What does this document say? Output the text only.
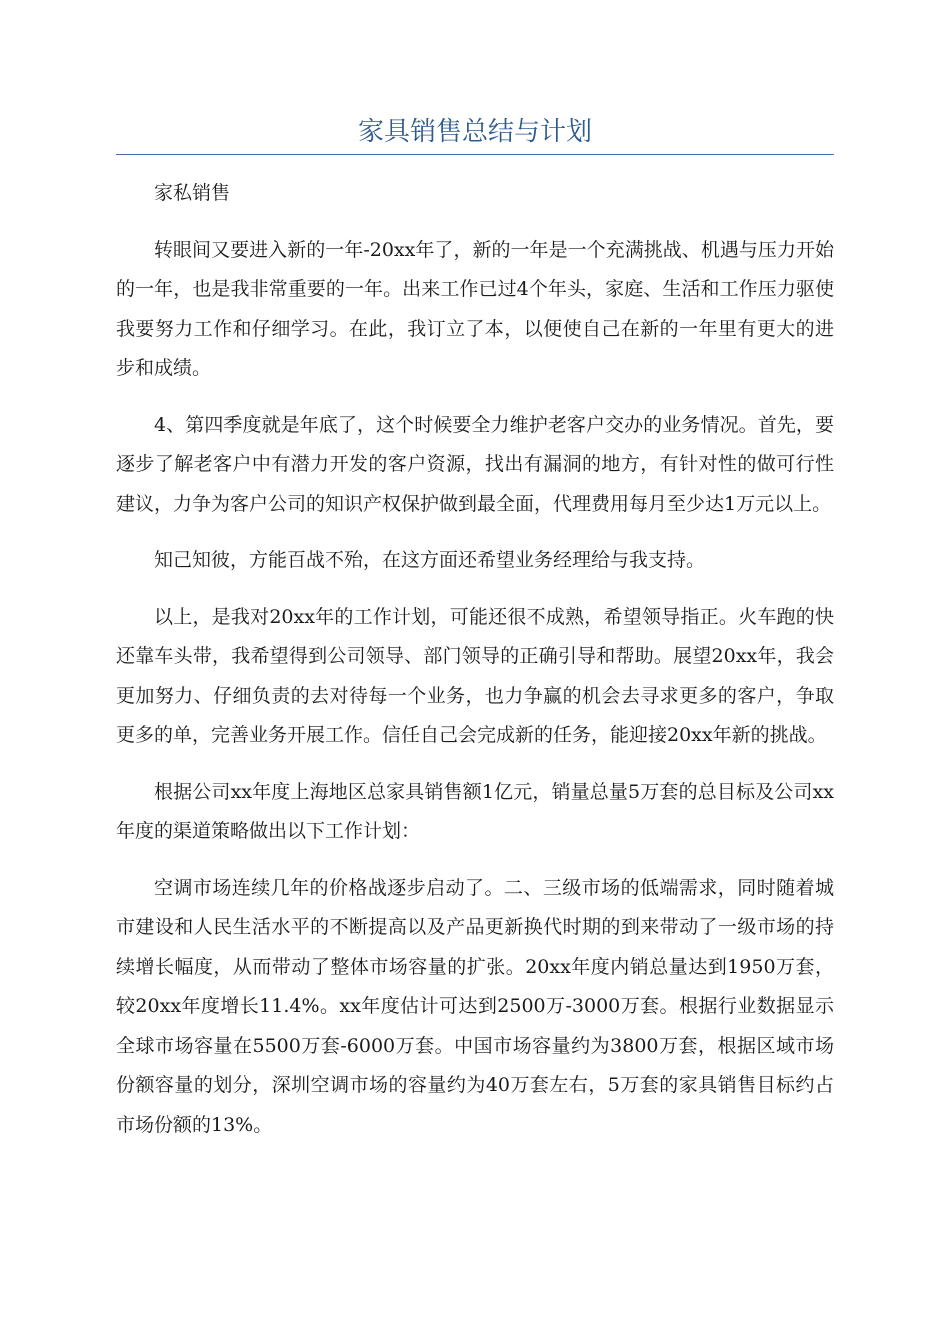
家具销售总结与计划

家私销售

转眼间又要进入新的一年-20xx年了，新的一年是一个充满挑战、机遇与压力开始的一年，也是我非常重要的一年。出来工作已过4个年头，家庭、生活和工作压力驱使我要努力工作和仔细学习。在此，我订立了本，以便使自己在新的一年里有更大的进步和成绩。

4、第四季度就是年底了，这个时候要全力维护老客户交办的业务情况。首先，要逐步了解老客户中有潜力开发的客户资源，找出有漏洞的地方，有针对性的做可行性建议，力争为客户公司的知识产权保护做到最全面，代理费用每月至少达1万元以上。

知己知彼，方能百战不殆，在这方面还希望业务经理给与我支持。

以上，是我对20xx年的工作计划，可能还很不成熟，希望领导指正。火车跑的快还靠车头带，我希望得到公司领导、部门领导的正确引导和帮助。展望20xx年，我会更加努力、仔细负责的去对待每一个业务，也力争赢的机会去寻求更多的客户，争取更多的单，完善业务开展工作。信任自己会完成新的任务，能迎接20xx年新的挑战。

根据公司xx年度上海地区总家具销售额1亿元，销量总量5万套的总目标及公司xx年度的渠道策略做出以下工作计划：

空调市场连续几年的价格战逐步启动了。二、三级市场的低端需求，同时随着城市建设和人民生活水平的不断提高以及产品更新换代时期的到来带动了一级市场的持续增长幅度，从而带动了整体市场容量的扩张。20xx年度内销总量达到1950万套，较20xx年度增长11.4%。xx年度估计可达到2500万-3000万套。根据行业数据显示全球市场容量在5500万套-6000万套。中国市场容量约为3800万套，根据区域市场份额容量的划分，深圳空调市场的容量约为40万套左右，5万套的家具销售目标约占市场份额的13%。
